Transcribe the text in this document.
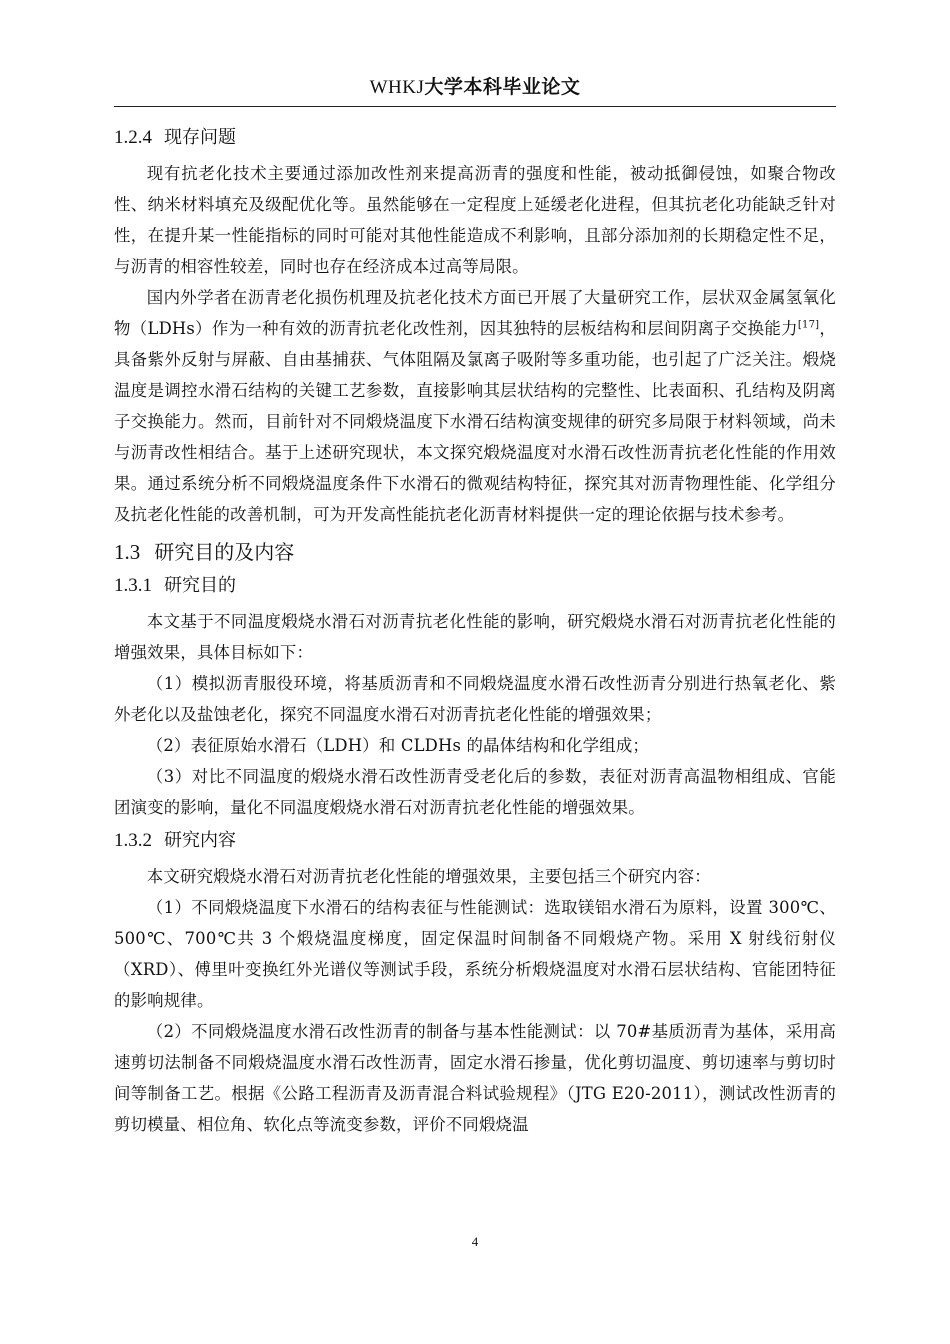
WHKJ大学本科毕业论文
1.2.4 现存问题

现有抗老化技术主要通过添加改性剂来提高沥青的强度和性能，被动抵御侵蚀，如聚合物改性、纳米材料填充及级配优化等。虽然能够在一定程度上延缓老化进程，但其抗老化功能缺乏针对性，在提升某一性能指标的同时可能对其他性能造成不利影响，且部分添加剂的长期稳定性不足，与沥青的相容性较差，同时也存在经济成本过高等局限。

国内外学者在沥青老化损伤机理及抗老化技术方面已开展了大量研究工作，层状双金属氢氧化物（LDHs）作为一种有效的沥青抗老化改性剂，因其独特的层板结构和层间阴离子交换能力[17]，具备紫外反射与屏蔽、自由基捕获、气体阻隔及氯离子吸附等多重功能，也引起了广泛关注。煅烧温度是调控水滑石结构的关键工艺参数，直接影响其层状结构的完整性、比表面积、孔结构及阴离子交换能力。然而，目前针对不同煅烧温度下水滑石结构演变规律的研究多局限于材料领域，尚未与沥青改性相结合。基于上述研究现状，本文探究煅烧温度对水滑石改性沥青抗老化性能的作用效果。通过系统分析不同煅烧温度条件下水滑石的微观结构特征，探究其对沥青物理性能、化学组分及抗老化性能的改善机制，可为开发高性能抗老化沥青材料提供一定的理论依据与技术参考。

1.3 研究目的及内容
1.3.1 研究目的

本文基于不同温度煅烧水滑石对沥青抗老化性能的影响，研究煅烧水滑石对沥青抗老化性能的增强效果，具体目标如下：

（1）模拟沥青服役环境，将基质沥青和不同煅烧温度水滑石改性沥青分别进行热氧老化、紫外老化以及盐蚀老化，探究不同温度水滑石对沥青抗老化性能的增强效果；

（2）表征原始水滑石（LDH）和 CLDHs 的晶体结构和化学组成；

（3）对比不同温度的煅烧水滑石改性沥青受老化后的参数，表征对沥青高温物相组成、官能团演变的影响，量化不同温度煅烧水滑石对沥青抗老化性能的增强效果。

1.3.2 研究内容

本文研究煅烧水滑石对沥青抗老化性能的增强效果，主要包括三个研究内容：

（1）不同煅烧温度下水滑石的结构表征与性能测试：选取镁铝水滑石为原料，设置 300℃、500℃、700℃共 3 个煅烧温度梯度，固定保温时间制备不同煅烧产物。采用 X 射线衍射仪（XRD）、傅里叶变换红外光谱仪等测试手段，系统分析煅烧温度对水滑石层状结构、官能团特征的影响规律。

（2）不同煅烧温度水滑石改性沥青的制备与基本性能测试：以 70#基质沥青为基体，采用高速剪切法制备不同煅烧温度水滑石改性沥青，固定水滑石掺量，优化剪切温度、剪切速率与剪切时间等制备工艺。根据《公路工程沥青及沥青混合料试验规程》（JTG E20-2011），测试改性沥青的剪切模量、相位角、软化点等流变参数，评价不同煅烧温

4
